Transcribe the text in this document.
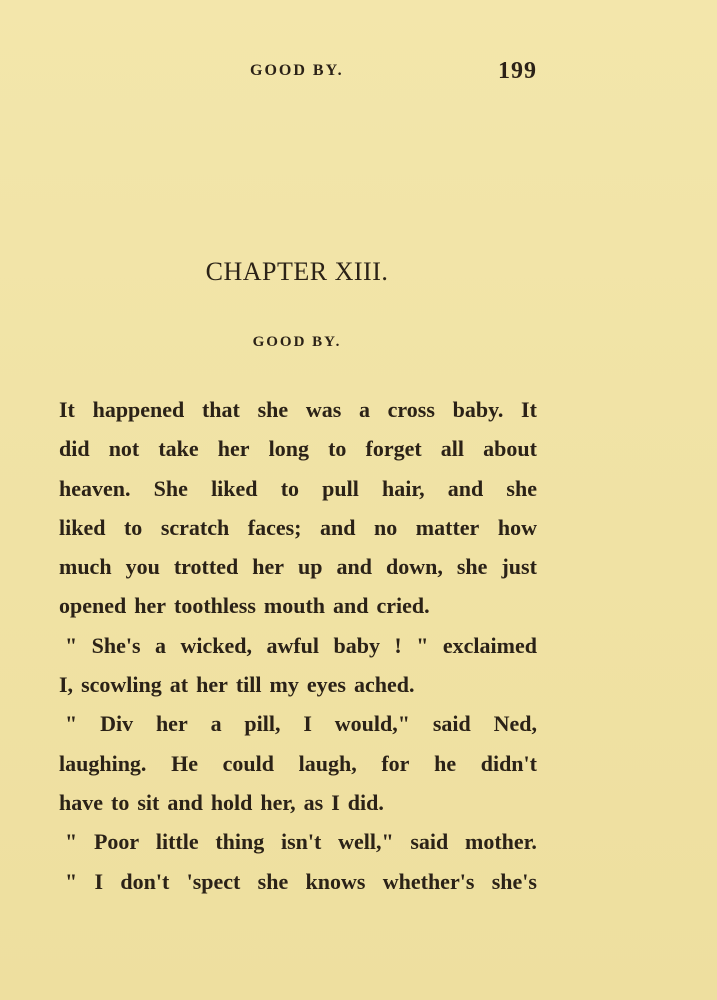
GOOD BY.	199
CHAPTER XIII.
GOOD BY.
It happened that she was a cross baby. It
did not take her long to forget all about
heaven. She liked to pull hair, and she
liked to scratch faces; and no matter how
much you trotted her up and down, she just
opened her toothless mouth and cried.
" She's a wicked, awful baby ! " exclaimed
I, scowling at her till my eyes ached.
" Div her a pill, I would," said Ned,
laughing. He could laugh, for he didn't
have to sit and hold her, as I did.
" Poor little thing isn't well," said mother.
" I don't 'spect she knows whether's she's
